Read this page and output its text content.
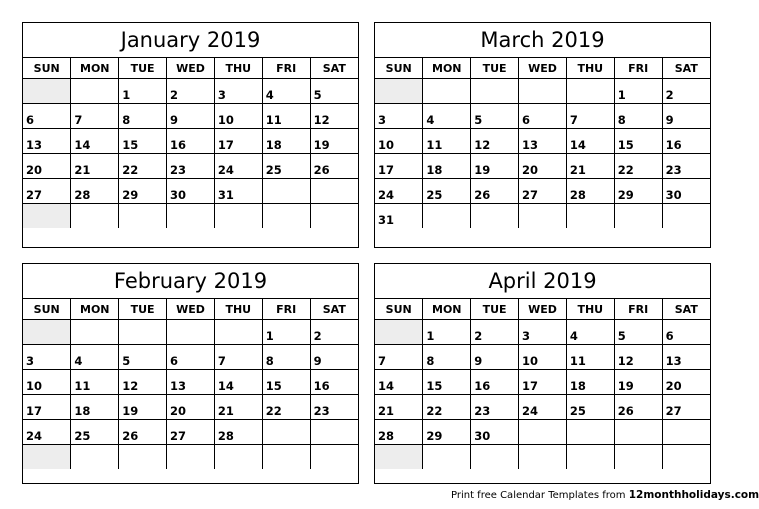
January 2019
SUN	MON	TUE	WED	THU	FRI	SAT

		1	2	3	4	5

6	7	8	9	10	11	12

13	14	15	16	17	18	19

20	21	22	23	24	25	26

27	28	29	30	31		

March 2019
SUN	MON	TUE	WED	THU	FRI	SAT

					1	2

3	4	5	6	7	8	9

10	11	12	13	14	15	16

17	18	19	20	21	22	23

24	25	26	27	28	29	30

31						

February 2019
SUN	MON	TUE	WED	THU	FRI	SAT

					1	2

3	4	5	6	7	8	9

10	11	12	13	14	15	16

17	18	19	20	21	22	23

24	25	26	27	28		

April 2019
SUN	MON	TUE	WED	THU	FRI	SAT

	1	2	3	4	5	6

7	8	9	10	11	12	13

14	15	16	17	18	19	20

21	22	23	24	25	26	27

28	29	30				

Print free Calendar Templates from 12monthholidays.com
